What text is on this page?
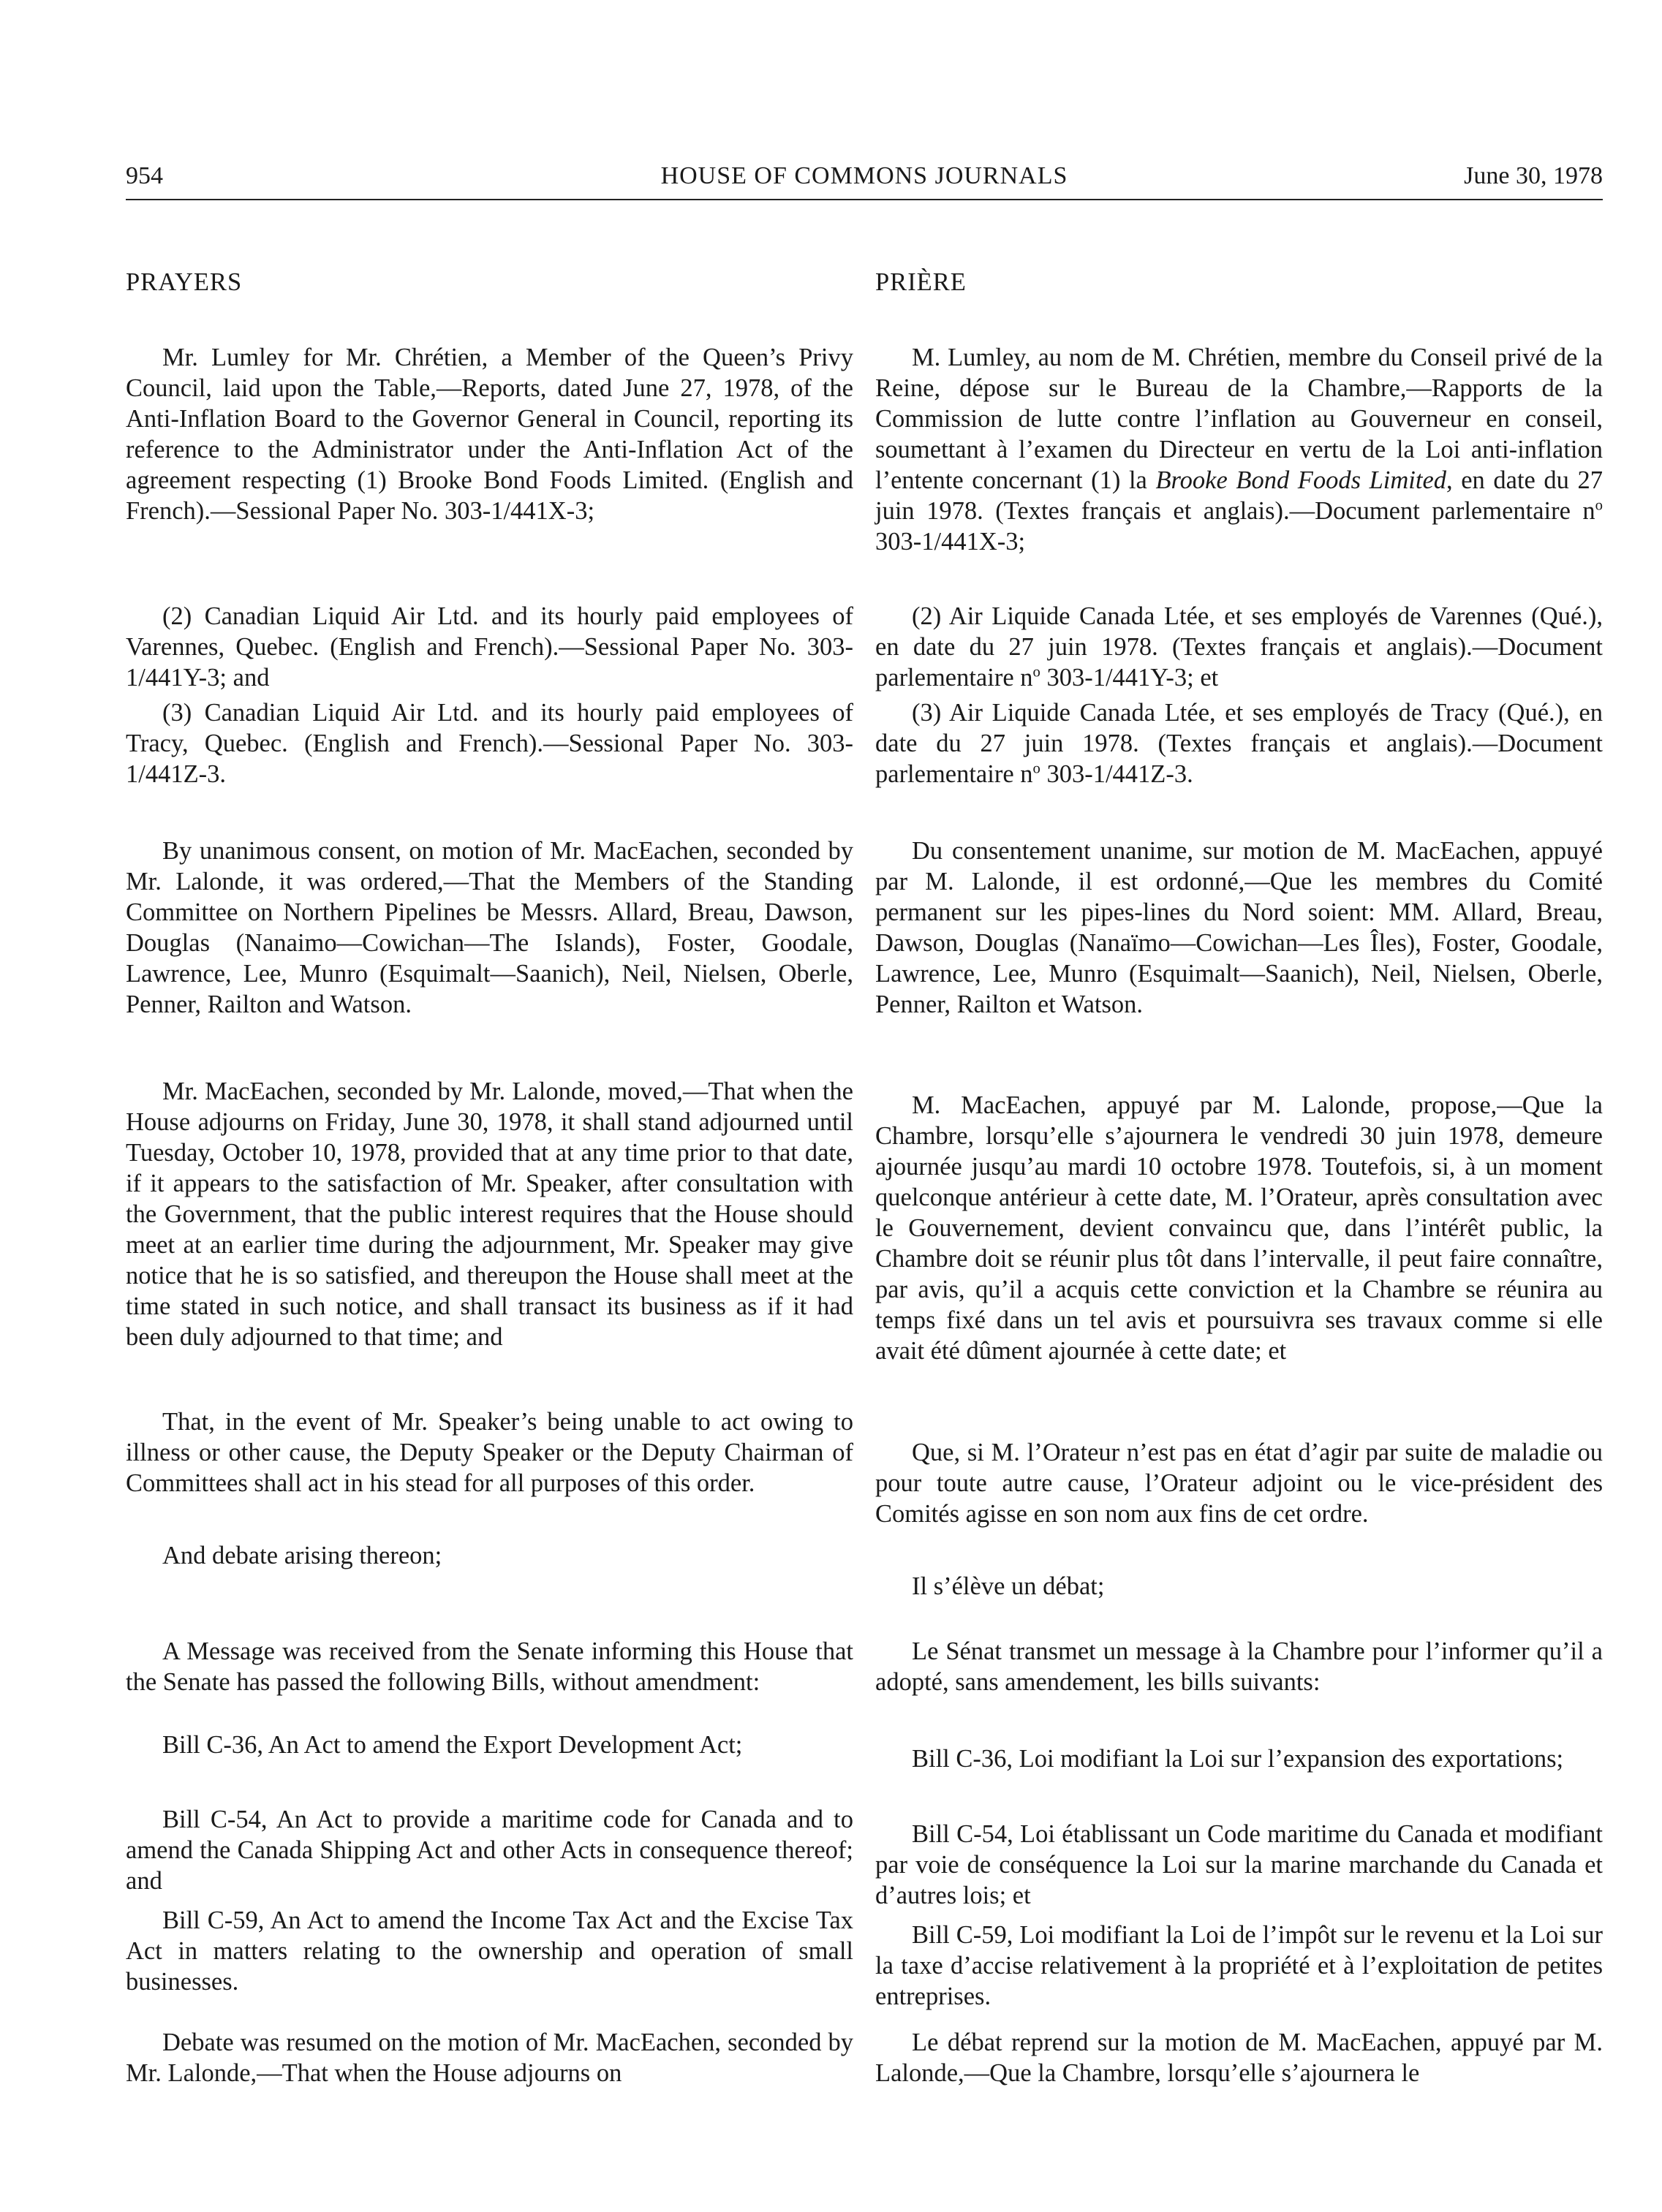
954	HOUSE OF COMMONS JOURNALS	June 30, 1978
PRAYERS

Mr. Lumley for Mr. Chrétien, a Member of the Queen’s Privy Council, laid upon the Table,—Reports, dated June 27, 1978, of the Anti-Inflation Board to the Governor General in Council, reporting its reference to the Administrator under the Anti-Inflation Act of the agreement respecting (1) Brooke Bond Foods Limited. (English and French).—Sessional Paper No. 303-1/441X-3;

(2) Canadian Liquid Air Ltd. and its hourly paid employees of Varennes, Quebec. (English and French).—Sessional Paper No. 303-1/441Y-3; and

(3) Canadian Liquid Air Ltd. and its hourly paid employees of Tracy, Quebec. (English and French).—Sessional Paper No. 303-1/441Z-3.

By unanimous consent, on motion of Mr. MacEachen, seconded by Mr. Lalonde, it was ordered,—That the Members of the Standing Committee on Northern Pipelines be Messrs. Allard, Breau, Dawson, Douglas (Nanaimo—Cowichan—The Islands), Foster, Goodale, Lawrence, Lee, Munro (Esquimalt—Saanich), Neil, Nielsen, Oberle, Penner, Railton and Watson.

Mr. MacEachen, seconded by Mr. Lalonde, moved,—That when the House adjourns on Friday, June 30, 1978, it shall stand adjourned until Tuesday, October 10, 1978, provided that at any time prior to that date, if it appears to the satisfaction of Mr. Speaker, after consultation with the Government, that the public interest requires that the House should meet at an earlier time during the adjournment, Mr. Speaker may give notice that he is so satisfied, and thereupon the House shall meet at the time stated in such notice, and shall transact its business as if it had been duly adjourned to that time; and

That, in the event of Mr. Speaker’s being unable to act owing to illness or other cause, the Deputy Speaker or the Deputy Chairman of Committees shall act in his stead for all purposes of this order.

And debate arising thereon;

A Message was received from the Senate informing this House that the Senate has passed the following Bills, without amendment:

Bill C-36, An Act to amend the Export Development Act;

Bill C-54, An Act to provide a maritime code for Canada and to amend the Canada Shipping Act and other Acts in consequence thereof; and

Bill C-59, An Act to amend the Income Tax Act and the Excise Tax Act in matters relating to the ownership and operation of small businesses.

Debate was resumed on the motion of Mr. MacEachen, seconded by Mr. Lalonde,—That when the House adjourns on

PRIÈRE

M. Lumley, au nom de M. Chrétien, membre du Conseil privé de la Reine, dépose sur le Bureau de la Chambre,—Rapports de la Commission de lutte contre l’inflation au Gouverneur en conseil, soumettant à l’examen du Directeur en vertu de la Loi anti-inflation l’entente concernant (1) la Brooke Bond Foods Limited, en date du 27 juin 1978. (Textes français et anglais).—Document parlementaire $n^o$ 303-1/441X-3;

(2) Air Liquide Canada Ltée, et ses employés de Varennes (Qué.), en date du 27 juin 1978. (Textes français et anglais).—Document parlementaire $n^o$ 303-1/441Y-3; et

(3) Air Liquide Canada Ltée, et ses employés de Tracy (Qué.), en date du 27 juin 1978. (Textes français et anglais).—Document parlementaire $n^o$ 303-1/441Z-3.

Du consentement unanime, sur motion de M. MacEachen, appuyé par M. Lalonde, il est ordonné,—Que les membres du Comité permanent sur les pipes-lines du Nord soient: MM. Allard, Breau, Dawson, Douglas (Nanaïmo—Cowichan—Les Îles), Foster, Goodale, Lawrence, Lee, Munro (Esquimalt—Saanich), Neil, Nielsen, Oberle, Penner, Railton et Watson.

M. MacEachen, appuyé par M. Lalonde, propose,—Que la Chambre, lorsqu’elle s’ajournera le vendredi 30 juin 1978, demeure ajournée jusqu’au mardi 10 octobre 1978. Toutefois, si, à un moment quelconque antérieur à cette date, M. l’Orateur, après consultation avec le Gouvernement, devient convaincu que, dans l’intérêt public, la Chambre doit se réunir plus tôt dans l’intervalle, il peut faire connaître, par avis, qu’il a acquis cette conviction et la Chambre se réunira au temps fixé dans un tel avis et poursuivra ses travaux comme si elle avait été dûment ajournée à cette date; et

Que, si M. l’Orateur n’est pas en état d’agir par suite de maladie ou pour toute autre cause, l’Orateur adjoint ou le vice-président des Comités agisse en son nom aux fins de cet ordre.

Il s’élève un débat;

Le Sénat transmet un message à la Chambre pour l’informer qu’il a adopté, sans amendement, les bills suivants:

Bill C-36, Loi modifiant la Loi sur l’expansion des exportations;

Bill C-54, Loi établissant un Code maritime du Canada et modifiant par voie de conséquence la Loi sur la marine marchande du Canada et d’autres lois; et

Bill C-59, Loi modifiant la Loi de l’impôt sur le revenu et la Loi sur la taxe d’accise relativement à la propriété et à l’exploitation de petites entreprises.

Le débat reprend sur la motion de M. MacEachen, appuyé par M. Lalonde,—Que la Chambre, lorsqu’elle s’ajournera le
